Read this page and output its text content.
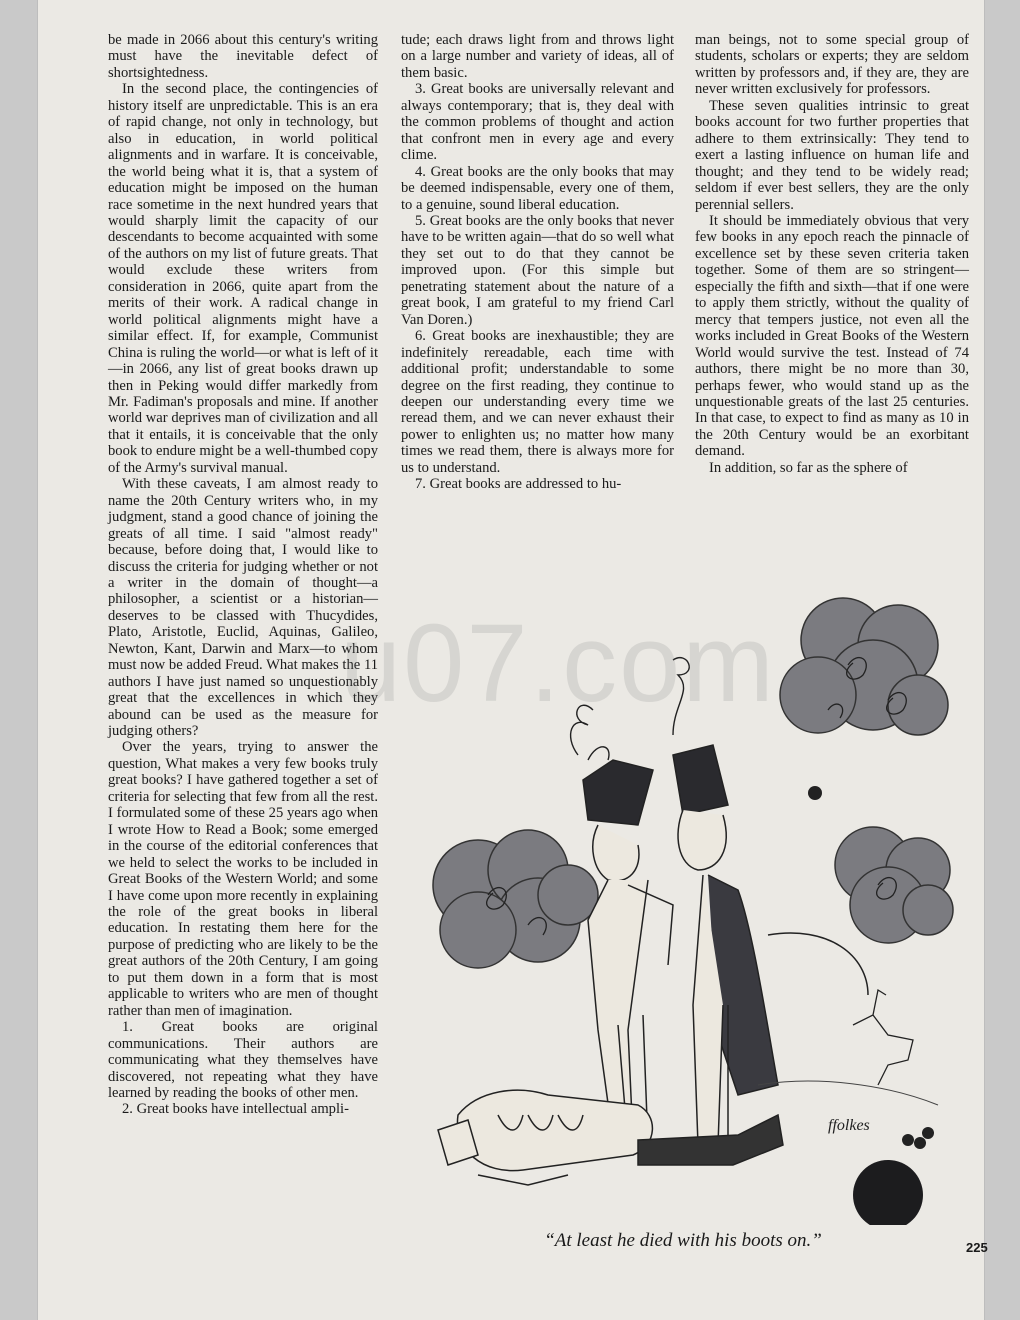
be made in 2066 about this century's writing must have the inevitable defect of shortsightedness.

In the second place, the contingencies of history itself are unpredictable. This is an era of rapid change, not only in technology, but also in education, in world political alignments and in warfare. It is conceivable, the world being what it is, that a system of education might be imposed on the human race sometime in the next hundred years that would sharply limit the capacity of our descendants to become acquainted with some of the authors on my list of future greats. That would exclude these writers from consideration in 2066, quite apart from the merits of their work. A radical change in world political alignments might have a similar effect. If, for example, Communist China is ruling the world—or what is left of it—in 2066, any list of great books drawn up then in Peking would differ markedly from Mr. Fadiman's proposals and mine. If another world war deprives man of civilization and all that it entails, it is conceivable that the only book to endure might be a well-thumbed copy of the Army's survival manual.

With these caveats, I am almost ready to name the 20th Century writers who, in my judgment, stand a good chance of joining the greats of all time. I said "almost ready" because, before doing that, I would like to discuss the criteria for judging whether or not a writer in the domain of thought—a philosopher, a scientist or a historian—deserves to be classed with Thucydides, Plato, Aristotle, Euclid, Aquinas, Galileo, Newton, Kant, Darwin and Marx—to whom must now be added Freud. What makes the 11 authors I have just named so unquestionably great that the excellences in which they abound can be used as the measure for judging others?

Over the years, trying to answer the question, What makes a very few books truly great books? I have gathered together a set of criteria for selecting that few from all the rest. I formulated some of these 25 years ago when I wrote How to Read a Book; some emerged in the course of the editorial conferences that we held to select the works to be included in Great Books of the Western World; and some I have come upon more recently in explaining the role of the great books in liberal education. In restating them here for the purpose of predicting who are likely to be the great authors of the 20th Century, I am going to put them down in a form that is most applicable to writers who are men of thought rather than men of imagination.

1. Great books are original communications. Their authors are communicating what they themselves have discovered, not repeating what they have learned by reading the books of other men.

2. Great books have intellectual ampli-

tude; each draws light from and throws light on a large number and variety of ideas, all of them basic.

3. Great books are universally relevant and always contemporary; that is, they deal with the common problems of thought and action that confront men in every age and every clime.

4. Great books are the only books that may be deemed indispensable, every one of them, to a genuine, sound liberal education.

5. Great books are the only books that never have to be written again—that do so well what they set out to do that they cannot be improved upon. (For this simple but penetrating statement about the nature of a great book, I am grateful to my friend Carl Van Doren.)

6. Great books are inexhaustible; they are indefinitely rereadable, each time with additional profit; understandable to some degree on the first reading, they continue to deepen our understanding every time we reread them, and we can never exhaust their power to enlighten us; no matter how many times we read them, there is always more for us to understand.

7. Great books are addressed to hu-

man beings, not to some special group of students, scholars or experts; they are seldom written by professors and, if they are, they are never written exclusively for professors.

These seven qualities intrinsic to great books account for two further properties that adhere to them extrinsically: They tend to exert a lasting influence on human life and thought; and they tend to be widely read; seldom if ever best sellers, they are the only perennial sellers.

It should be immediately obvious that very few books in any epoch reach the pinnacle of excellence set by these seven criteria taken together. Some of them are so stringent—especially the fifth and sixth—that if one were to apply them strictly, without the quality of mercy that tempers justice, not even all the works included in Great Books of the Western World would survive the test. Instead of 74 authors, there might be no more than 30, perhaps fewer, who would stand up as the unquestionable greats of the last 25 centuries. In that case, to expect to find as many as 10 in the 20th Century would be an exorbitant demand.

In addition, so far as the sphere of

ffolkes
“At least he died with his boots on.”	225
